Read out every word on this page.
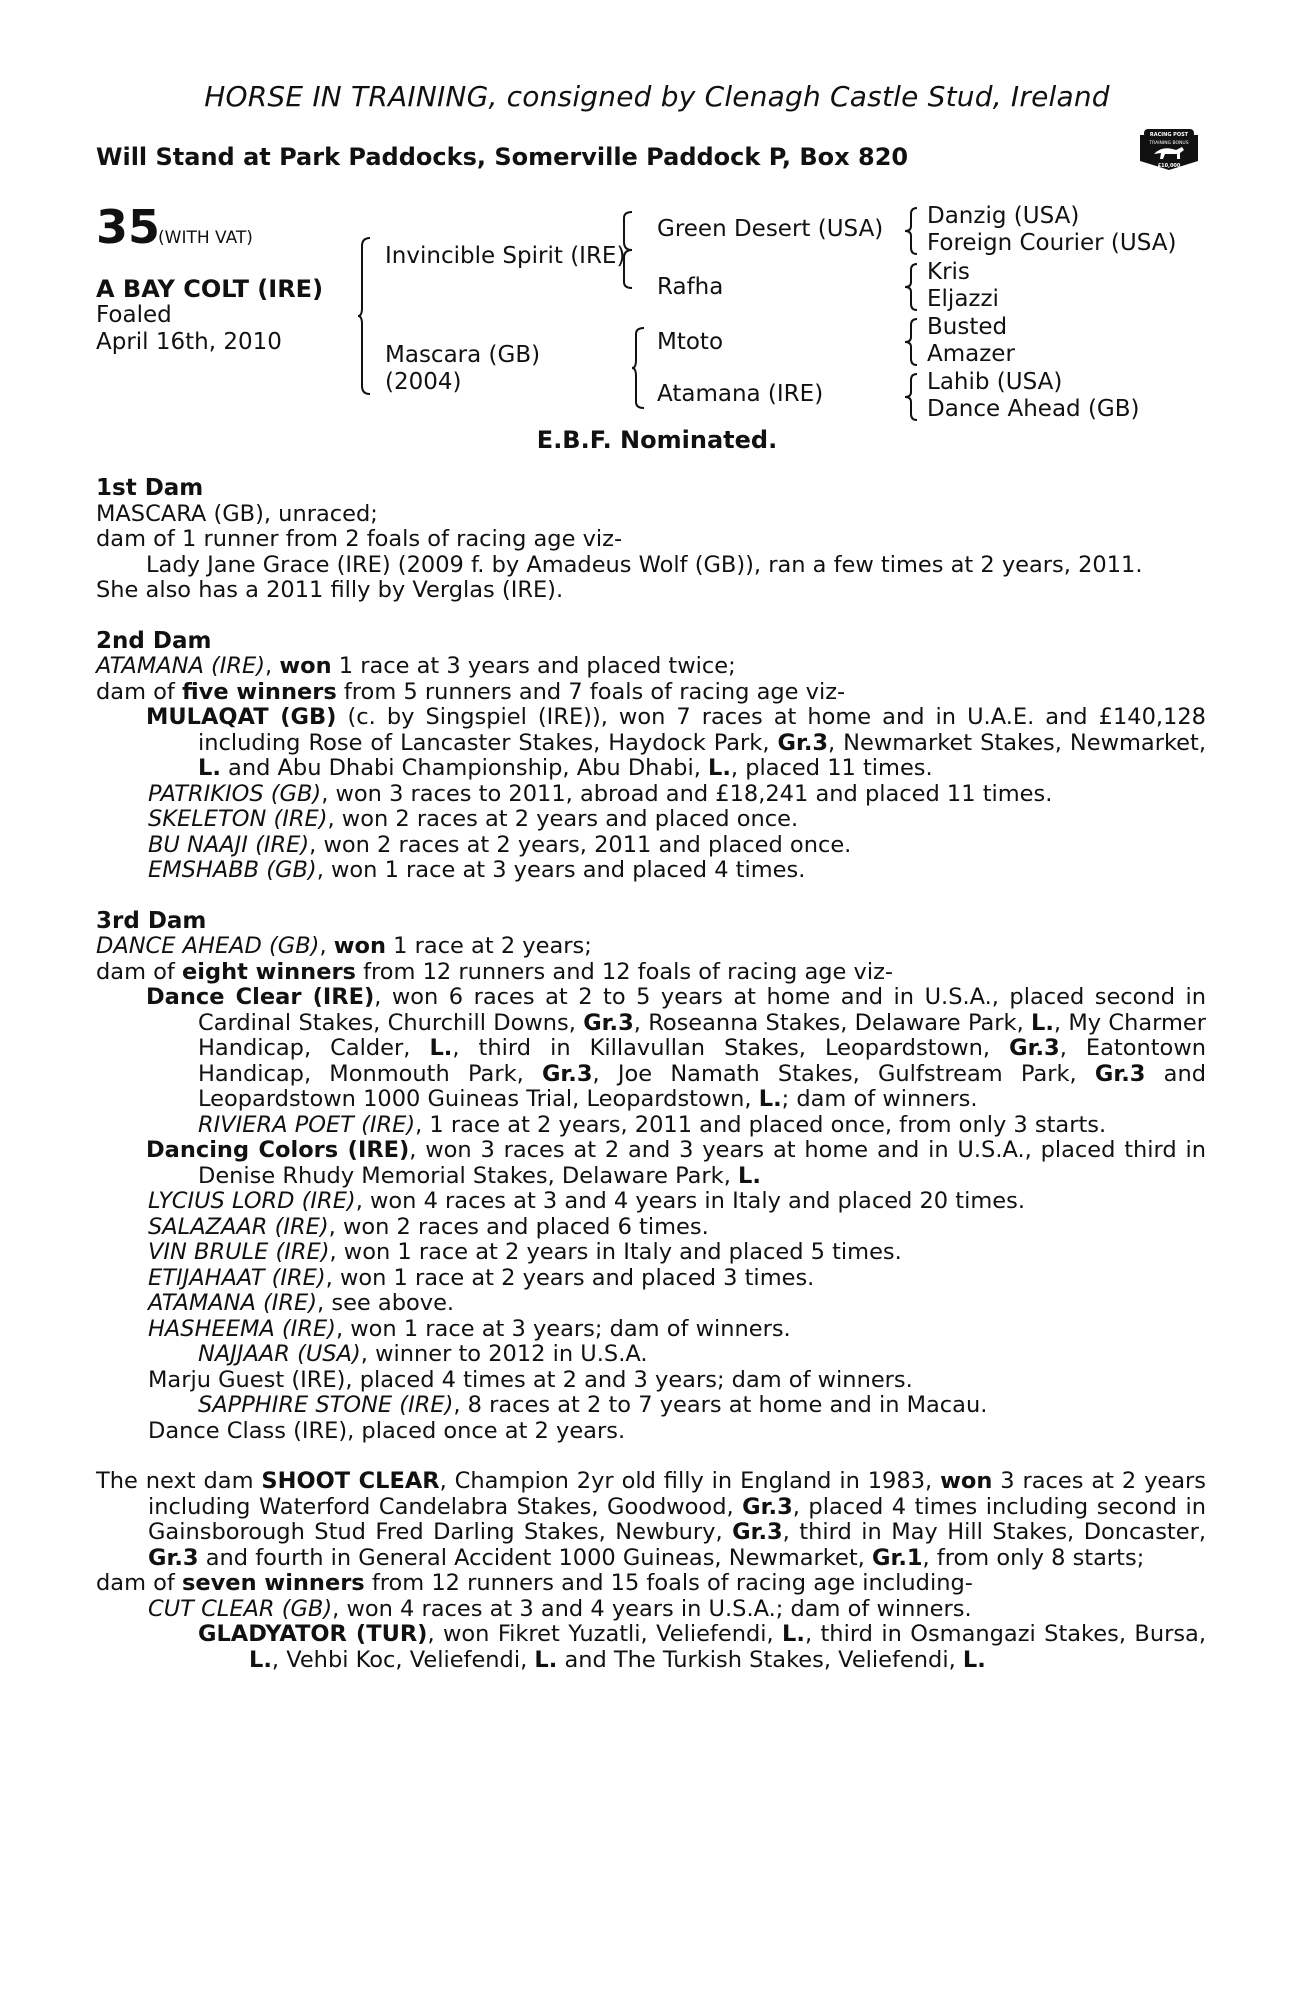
HORSE IN TRAINING, consigned by Clenagh Castle Stud, Ireland
Will Stand at Park Paddocks, Somerville Paddock P, Box 820
RACING POST
TRAINING BONUS
£10,000
35
(WITH VAT)
A BAY COLT (IRE)
Foaled
April 16th, 2010
Invincible Spirit (IRE)
Mascara (GB)
(2004)
Green Desert (USA)
Rafha
Mtoto
Atamana (IRE)
Danzig (USA)
Foreign Courier (USA)
Kris
Eljazzi
Busted
Amazer
Lahib (USA)
Dance Ahead (GB)
E.B.F. Nominated.
1st Dam
MASCARA (GB), unraced;
dam of 1 runner from 2 foals of racing age viz-
Lady Jane Grace (IRE) (2009 f. by Amadeus Wolf (GB)), ran a few times at 2 years, 2011.
She also has a 2011 filly by Verglas (IRE).
2nd Dam
ATAMANA (IRE), won 1 race at 3 years and placed twice;
dam of five winners from 5 runners and 7 foals of racing age viz-
MULAQAT (GB) (c. by Singspiel (IRE)), won 7 races at home and in U.A.E. and £140,128 including Rose of Lancaster Stakes, Haydock Park, Gr.3, Newmarket Stakes, Newmarket, L. and Abu Dhabi Championship, Abu Dhabi, L., placed 11 times.
PATRIKIOS (GB), won 3 races to 2011, abroad and £18,241 and placed 11 times.
SKELETON (IRE), won 2 races at 2 years and placed once.
BU NAAJI (IRE), won 2 races at 2 years, 2011 and placed once.
EMSHABB (GB), won 1 race at 3 years and placed 4 times.
3rd Dam
DANCE AHEAD (GB), won 1 race at 2 years;
dam of eight winners from 12 runners and 12 foals of racing age viz-
Dance Clear (IRE), won 6 races at 2 to 5 years at home and in U.S.A., placed second in Cardinal Stakes, Churchill Downs, Gr.3, Roseanna Stakes, Delaware Park, L., My Charmer Handicap, Calder, L., third in Killavullan Stakes, Leopardstown, Gr.3, Eatontown Handicap, Monmouth Park, Gr.3, Joe Namath Stakes, Gulfstream Park, Gr.3 and Leopardstown 1000 Guineas Trial, Leopardstown, L.; dam of winners.
RIVIERA POET (IRE), 1 race at 2 years, 2011 and placed once, from only 3 starts.
Dancing Colors (IRE), won 3 races at 2 and 3 years at home and in U.S.A., placed third in Denise Rhudy Memorial Stakes, Delaware Park, L.
LYCIUS LORD (IRE), won 4 races at 3 and 4 years in Italy and placed 20 times.
SALAZAAR (IRE), won 2 races and placed 6 times.
VIN BRULE (IRE), won 1 race at 2 years in Italy and placed 5 times.
ETIJAHAAT (IRE), won 1 race at 2 years and placed 3 times.
ATAMANA (IRE), see above.
HASHEEMA (IRE), won 1 race at 3 years; dam of winners.
NAJJAAR (USA), winner to 2012 in U.S.A.
Marju Guest (IRE), placed 4 times at 2 and 3 years; dam of winners.
SAPPHIRE STONE (IRE), 8 races at 2 to 7 years at home and in Macau.
Dance Class (IRE), placed once at 2 years.
The next dam SHOOT CLEAR, Champion 2yr old filly in England in 1983, won 3 races at 2 years including Waterford Candelabra Stakes, Goodwood, Gr.3, placed 4 times including second in Gainsborough Stud Fred Darling Stakes, Newbury, Gr.3, third in May Hill Stakes, Doncaster, Gr.3 and fourth in General Accident 1000 Guineas, Newmarket, Gr.1, from only 8 starts;
dam of seven winners from 12 runners and 15 foals of racing age including-
CUT CLEAR (GB), won 4 races at 3 and 4 years in U.S.A.; dam of winners.
GLADYATOR (TUR), won Fikret Yuzatli, Veliefendi, L., third in Osmangazi Stakes, Bursa, L., Vehbi Koc, Veliefendi, L. and The Turkish Stakes, Veliefendi, L.
